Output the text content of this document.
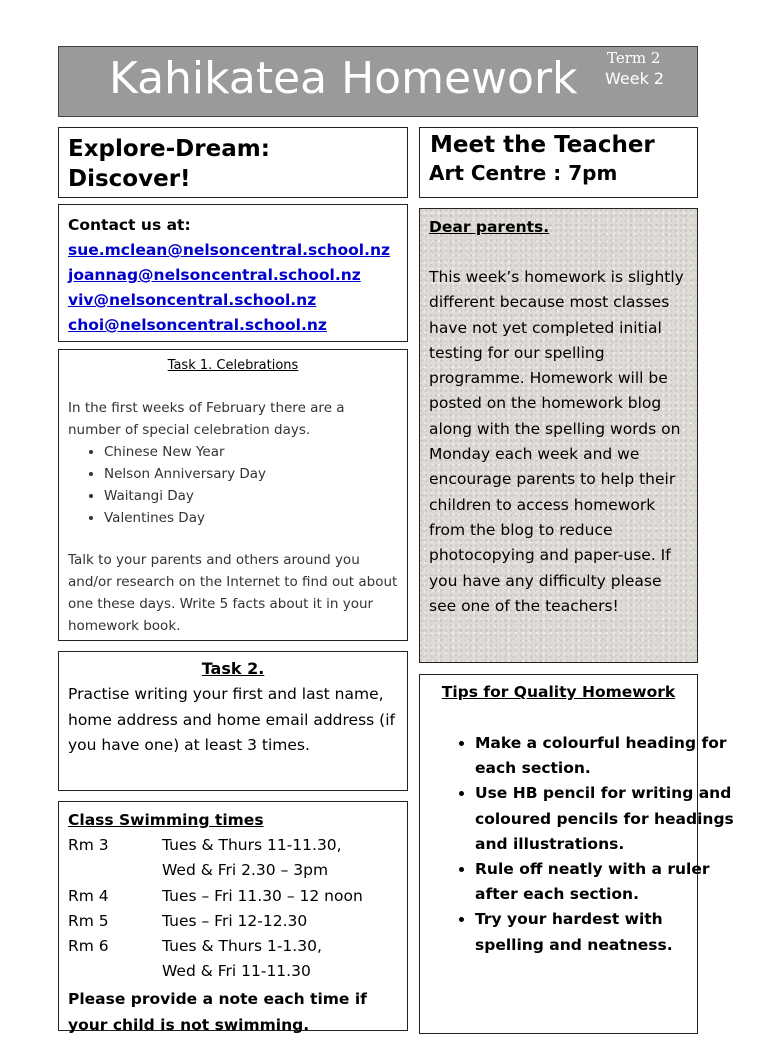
Kahikatea Homework Term 2
Week 2
Explore-Dream:
Discover!
Meet the Teacher
Art Centre : 7pm
Contact us at:
sue.mclean@nelsoncentral.school.nz
joannag@nelsoncentral.school.nz
viv@nelsoncentral.school.nz
choi@nelsoncentral.school.nz
Task 1. Celebrations
In the first weeks of February there are a number of special celebration days.
• Chinese New Year
• Nelson Anniversary Day
• Waitangi Day
• Valentines Day
Talk to your parents and others around you and/or research on the Internet to find out about one these days. Write 5 facts about it in your homework book.
Task 2.
Practise writing your first and last name, home address and home email address (if you have one) at least 3 times.
Class Swimming times
Rm 3	Tues & Thurs 11-11.30,
Wed & Fri 2.30 – 3pm
Rm 4	Tues – Fri 11.30 – 12 noon
Rm 5	Tues – Fri 12-12.30
Rm 6	Tues & Thurs 1-1.30,
Wed & Fri 11-11.30
Please provide a note each time if your child is not swimming.
Dear parents.
This week’s homework is slightly different because most classes have not yet completed initial testing for our spelling programme. Homework will be posted on the homework blog along with the spelling words on Monday each week and we encourage parents to help their children to access homework from the blog to reduce photocopying and paper-use. If you have any difficulty please see one of the teachers!
Tips for Quality Homework
• Make a colourful heading for each section.
• Use HB pencil for writing and coloured pencils for headings and illustrations.
• Rule off neatly with a ruler after each section.
• Try your hardest with spelling and neatness.
